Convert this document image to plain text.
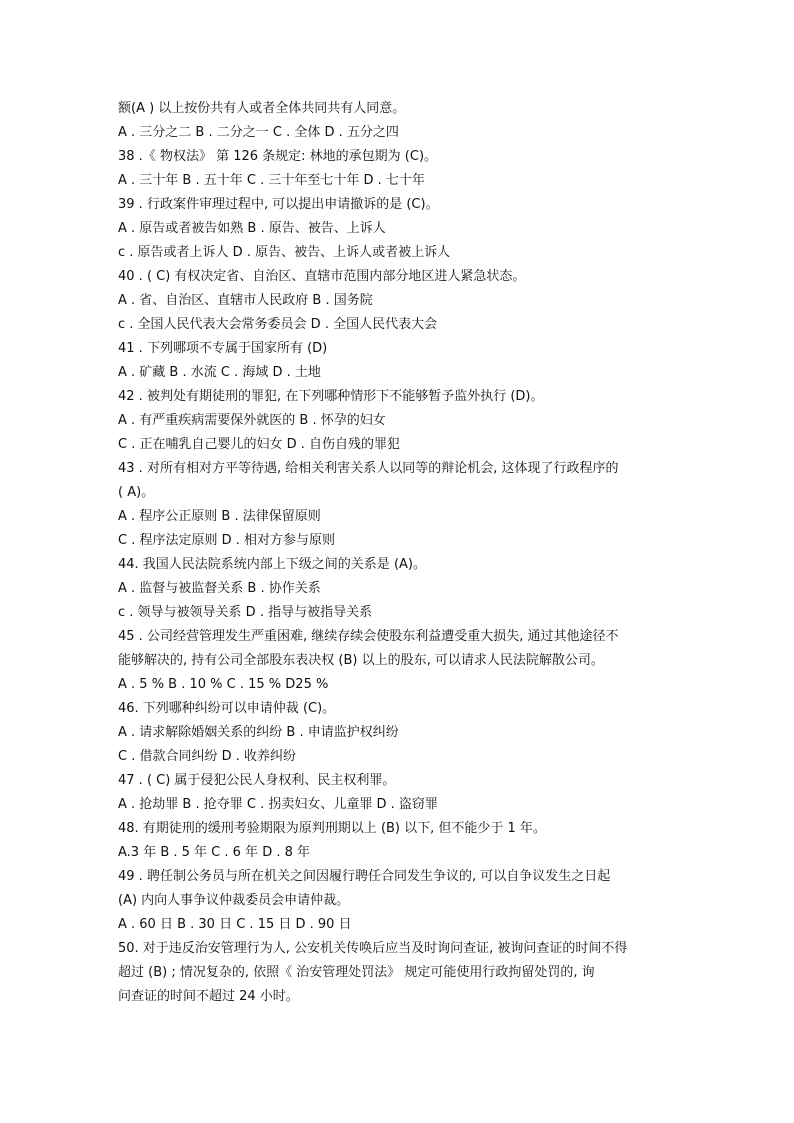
额(A ) 以上按份共有人或者全体共同共有人同意。
A . 三分之二 B . 二分之一 C . 全体 D . 五分之四
38 .《 物权法》 第 126 条规定: 林地的承包期为 (C)。
A . 三十年 B . 五十年 C . 三十年至七十年 D . 七十年
39 . 行政案件审理过程中, 可以提出申请撤诉的是 (C)。
A . 原告或者被告如熟 B . 原告、被告、上诉人
c . 原告或者上诉人 D . 原告、被告、上诉人或者被上诉人
40 . ( C) 有权决定省、自治区、直辖市范围内部分地区进人紧急状态。
A . 省、自治区、直辖市人民政府 B . 国务院
c . 全国人民代表大会常务委员会 D . 全国人民代表大会
41 . 下列哪项不专属于国家所有 (D)
A . 矿藏 B . 水流 C . 海域 D . 土地
42 . 被判处有期徒刑的罪犯, 在下列哪种情形下不能够暂予监外执行 (D)。
A . 有严重疾病需要保外就医的 B . 怀孕的妇女
C . 正在哺乳自己婴儿的妇女 D . 自伤自残的罪犯
43 . 对所有相对方平等待遇, 给相关利害关系人以同等的辩论机会, 这体现了行政程序的
( A)。
A . 程序公正原则 B . 法律保留原则
C . 程序法定原则 D . 相对方参与原则
44. 我国人民法院系统内部上下级之间的关系是 (A)。
A . 监督与被监督关系 B . 协作关系
c . 领导与被领导关系 D . 指导与被指导关系
45 . 公司经营管理发生严重困难, 继续存续会使股东利益遭受重大损失, 通过其他途径不
能够解决的, 持有公司全部股东表决权 (B) 以上的股东, 可以请求人民法院解散公司。
A . 5 % B . 10 % C . 15 % D25 %
46. 下列哪种纠纷可以申请仲裁 (C)。
A . 请求解除婚姻关系的纠纷 B . 申请监护权纠纷
C . 借款合同纠纷 D . 收养纠纷
47 . ( C) 属于侵犯公民人身权利、民主权利罪。
A . 抢劫罪 B . 抢夺罪 C . 拐卖妇女、儿童罪 D . 盗窃罪
48. 有期徒刑的缓刑考验期限为原判刑期以上 (B) 以下, 但不能少于 1 年。
A.3 年 B . 5 年 C . 6 年 D . 8 年
49 . 聘任制公务员与所在机关之间因履行聘任合同发生争议的, 可以自争议发生之日起
(A) 内向人事争议仲裁委员会申请仲裁。
A . 60 日 B . 30 日 C . 15 日 D . 90 日
50. 对于违反治安管理行为人, 公安机关传唤后应当及时询问查证, 被询问查证的时间不得
超过 (B) ; 情况复杂的, 依照《 治安管理处罚法》 规定可能使用行政拘留处罚的, 询
问查证的时间不超过 24 小时。
